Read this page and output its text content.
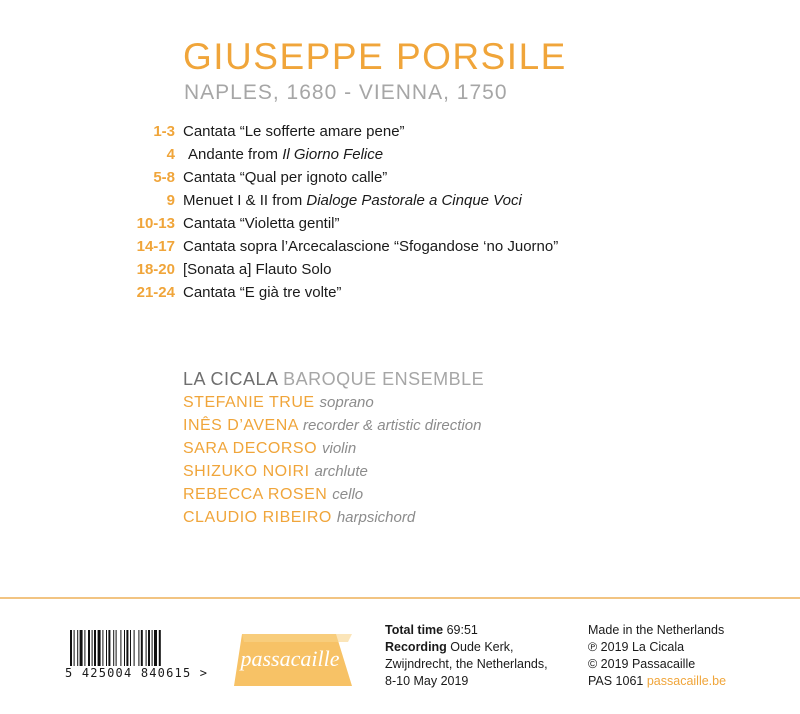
GIUSEPPE PORSILE
NAPLES, 1680 - VIENNA, 1750
1-3 Cantata “Le sofferte amare pene”
4 Andante from Il Giorno Felice
5-8 Cantata “Qual per ignoto calle”
9 Menuet I & II from Dialoge Pastorale a Cinque Voci
10-13 Cantata “Violetta gentil”
14-17 Cantata sopra l’Arcecalascione “Sfogandose ‘no Juorno”
18-20 [Sonata a] Flauto Solo
21-24 Cantata “E già tre volte”
LA CICALA BAROQUE ENSEMBLE
STEFANIE TRUE soprano
INÊS D’AVENA recorder & artistic direction
SARA DECORSO violin
SHIZUKO NOIRI archlute
REBECCA ROSEN cello
CLAUDIO RIBEIRO harpsichord
5 425004 840615 >
passacaille
Total time 69:51
Recording Oude Kerk,
Zwijndrecht, the Netherlands,
8-10 May 2019
Made in the Netherlands
℗ 2019 La Cicala
© 2019 Passacaille
PAS 1061 passacaille.be
